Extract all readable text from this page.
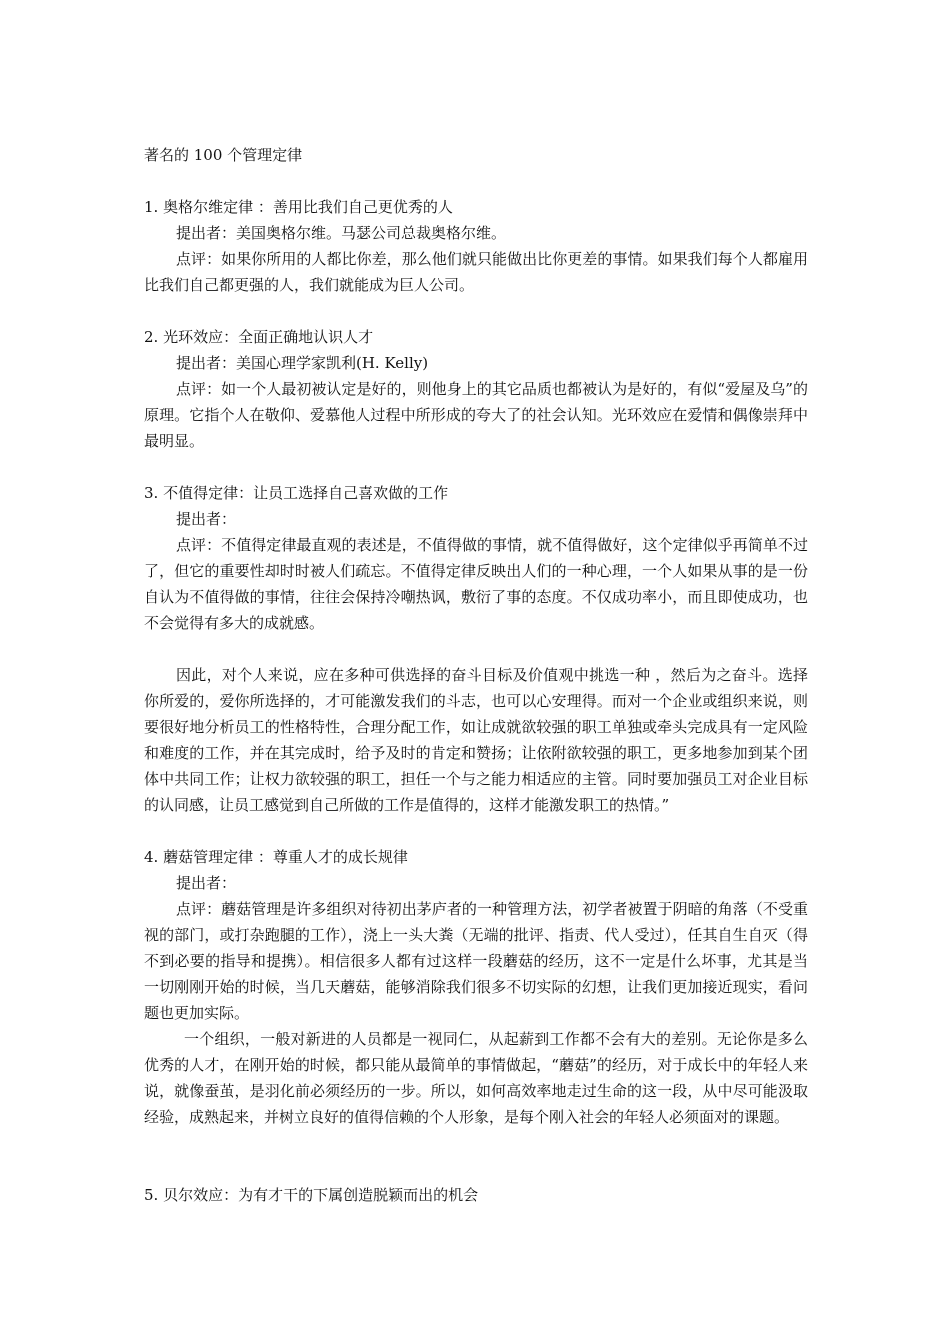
著名的 100 个管理定律

1. 奥格尔维定律 ：善用比我们自己更优秀的人

提出者：美国奥格尔维。马瑟公司总裁奥格尔维。

点评：如果你所用的人都比你差，那么他们就只能做出比你更差的事情。如果我们每个人都雇用比我们自己都更强的人，我们就能成为巨人公司。

2. 光环效应：全面正确地认识人才

提出者：美国心理学家凯利(H. Kelly)

点评：如一个人最初被认定是好的，则他身上的其它品质也都被认为是好的，有似“爱屋及乌”的原理。它指个人在敬仰、爱慕他人过程中所形成的夸大了的社会认知。光环效应在爱情和偶像崇拜中最明显。

3. 不值得定律：让员工选择自己喜欢做的工作

提出者：

点评：不值得定律最直观的表述是，不值得做的事情，就不值得做好，这个定律似乎再简单不过了，但它的重要性却时时被人们疏忘。不值得定律反映出人们的一种心理，一个人如果从事的是一份自认为不值得做的事情，往往会保持冷嘲热讽，敷衍了事的态度。不仅成功率小，而且即使成功，也不会觉得有多大的成就感。

因此，对个人来说，应在多种可供选择的奋斗目标及价值观中挑选一种 ，然后为之奋斗。选择你所爱的，爱你所选择的，才可能激发我们的斗志，也可以心安理得。而对一个企业或组织来说，则要很好地分析员工的性格特性，合理分配工作，如让成就欲较强的职工单独或牵头完成具有一定风险和难度的工作，并在其完成时，给予及时的肯定和赞扬；让依附欲较强的职工，更多地参加到某个团体中共同工作；让权力欲较强的职工，担任一个与之能力相适应的主管。同时要加强员工对企业目标的认同感，让员工感觉到自己所做的工作是值得的，这样才能激发职工的热情。”

4. 蘑菇管理定律 ：尊重人才的成长规律

提出者：

点评：蘑菇管理是许多组织对待初出茅庐者的一种管理方法，初学者被置于阴暗的角落（不受重视的部门，或打杂跑腿的工作），浇上一头大粪（无端的批评、指责、代人受过），任其自生自灭（得不到必要的指导和提携）。相信很多人都有过这样一段蘑菇的经历，这不一定是什么坏事，尤其是当一切刚刚开始的时候，当几天蘑菇，能够消除我们很多不切实际的幻想，让我们更加接近现实，看问题也更加实际。

一个组织，一般对新进的人员都是一视同仁，从起薪到工作都不会有大的差别。无论你是多么优秀的人才，在刚开始的时候，都只能从最简单的事情做起，“蘑菇”的经历，对于成长中的年轻人来说，就像蚕茧，是羽化前必须经历的一步。所以，如何高效率地走过生命的这一段，从中尽可能汲取经验，成熟起来，并树立良好的值得信赖的个人形象，是每个刚入社会的年轻人必须面对的课题。

5. 贝尔效应：为有才干的下属创造脱颖而出的机会
